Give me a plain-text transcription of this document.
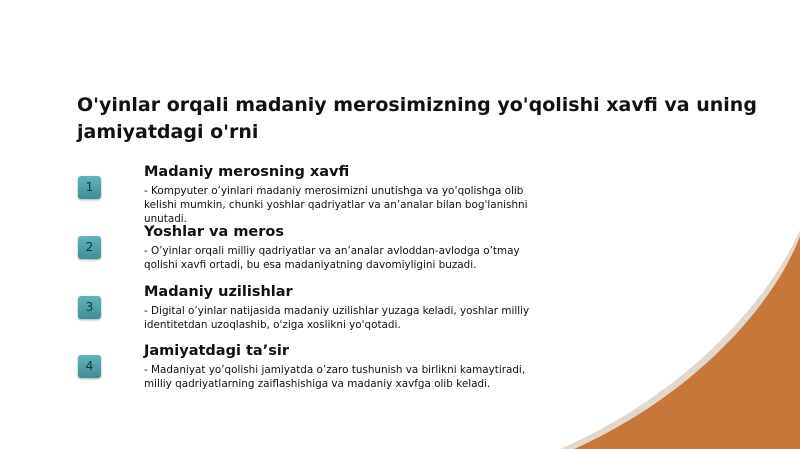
O'yinlar orqali madaniy merosimizning yo'qolishi xavfi va uning jamiyatdagi o'rni
1
Madaniy merosning xavfi

- Kompyuter o’yinlari madaniy merosimizni unutishga va yo’qolishga olib kelishi mumkin, chunki yoshlar qadriyatlar va an’analar bilan bog'lanishni unutadi.

2
Yoshlar va meros

- O’yinlar orqali milliy qadriyatlar va an’analar avloddan-avlodga o’tmay qolishi xavfi ortadi, bu esa madaniyatning davomiyligini buzadi.

3
Madaniy uzilishlar

- Digital o’yinlar natijasida madaniy uzilishlar yuzaga keladi, yoshlar milliy identitetdan uzoqlashib, o'ziga xoslikni yo'qotadi.

4
Jamiyatdagi ta’sir

- Madaniyat yo’qolishi jamiyatda o’zaro tushunish va birlikni kamaytiradi, milliy qadriyatlarning zaiflashishiga va madaniy xavfga olib keladi.
